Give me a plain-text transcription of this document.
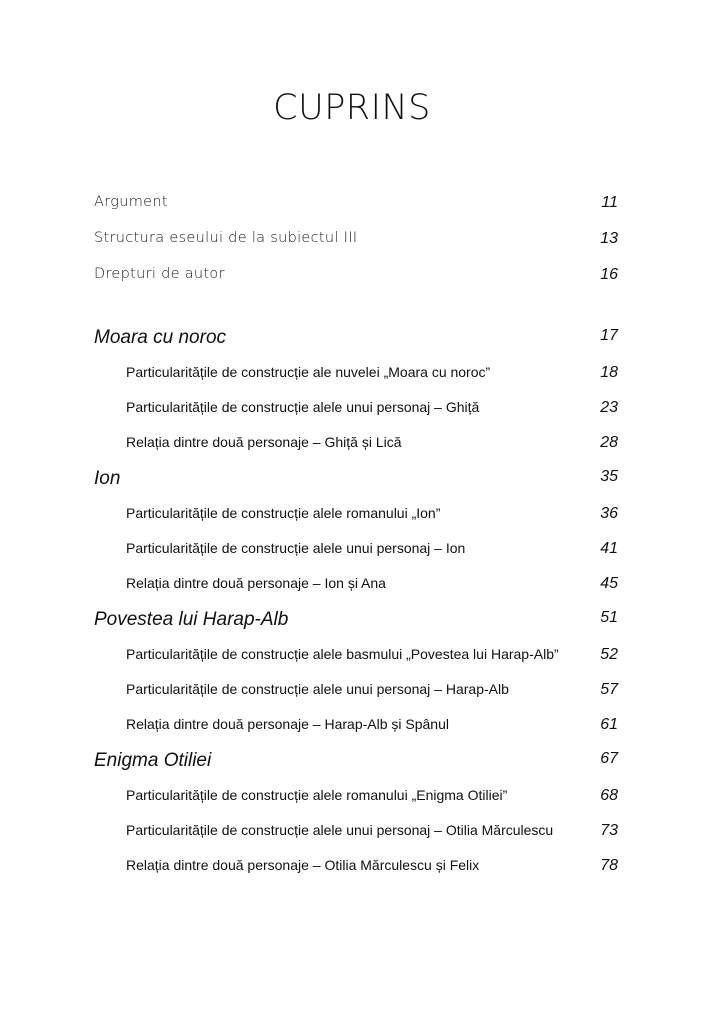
CUPRINS
Argument	11
Structura eseului de la subiectul III	13
Drepturi de autor	16
Moara cu noroc	17
Particularitățile de construcție ale nuvelei „Moara cu noroc”	18
Particularitățile de construcție alele unui personaj – Ghiță	23
Relația dintre două personaje – Ghiță și Lică	28
Ion	35
Particularitățile de construcție alele romanului „Ion”	36
Particularitățile de construcție alele unui personaj – Ion	41
Relația dintre două personaje – Ion și Ana	45
Povestea lui Harap-Alb	51
Particularitățile de construcție alele basmului „Povestea lui Harap-Alb”	52
Particularitățile de construcție alele unui personaj – Harap-Alb	57
Relația dintre două personaje – Harap-Alb și Spânul	61
Enigma Otiliei	67
Particularitățile de construcție alele romanului „Enigma Otiliei”	68
Particularitățile de construcție alele unui personaj – Otilia Mărculescu	73
Relația dintre două personaje – Otilia Mărculescu și Felix	78
